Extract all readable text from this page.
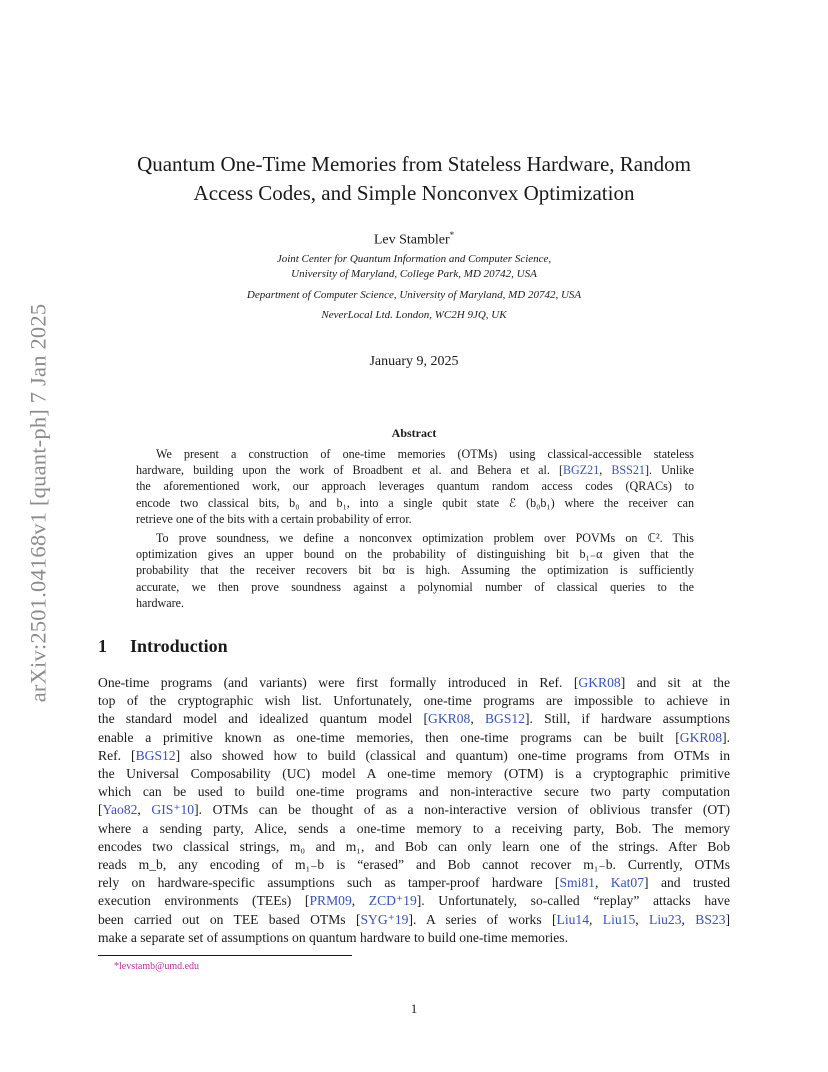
arXiv:2501.04168v1 [quant-ph] 7 Jan 2025
Quantum One-Time Memories from Stateless Hardware, Random
Access Codes, and Simple Nonconvex Optimization
Lev Stambler*
Joint Center for Quantum Information and Computer Science,
University of Maryland, College Park, MD 20742, USA
Department of Computer Science, University of Maryland, MD 20742, USA
NeverLocal Ltd. London, WC2H 9JQ, UK
January 9, 2025
Abstract
We present a construction of one-time memories (OTMs) using classical-accessible stateless
hardware, building upon the work of Broadbent et al. and Behera et al. [BGZ21, BSS21]. Unlike
the aforementioned work, our approach leverages quantum random access codes (QRACs) to
encode two classical bits, b₀ and b₁, into a single qubit state ℰ (b₀b₁) where the receiver can
retrieve one of the bits with a certain probability of error.
To prove soundness, we define a nonconvex optimization problem over POVMs on ℂ². This
optimization gives an upper bound on the probability of distinguishing bit b₁₋α given that the
probability that the receiver recovers bit bα is high. Assuming the optimization is sufficiently
accurate, we then prove soundness against a polynomial number of classical queries to the
hardware.
1 Introduction
One-time programs (and variants) were first formally introduced in Ref. [GKR08] and sit at the
top of the cryptographic wish list. Unfortunately, one-time programs are impossible to achieve in
the standard model and idealized quantum model [GKR08, BGS12]. Still, if hardware assumptions
enable a primitive known as one-time memories, then one-time programs can be built [GKR08].
Ref. [BGS12] also showed how to build (classical and quantum) one-time programs from OTMs in
the Universal Composability (UC) model A one-time memory (OTM) is a cryptographic primitive
which can be used to build one-time programs and non-interactive secure two party computation
[Yao82, GIS⁺10]. OTMs can be thought of as a non-interactive version of oblivious transfer (OT)
where a sending party, Alice, sends a one-time memory to a receiving party, Bob. The memory
encodes two classical strings, m₀ and m₁, and Bob can only learn one of the strings. After Bob
reads m_b, any encoding of m₁₋b is “erased” and Bob cannot recover m₁₋b. Currently, OTMs
rely on hardware-specific assumptions such as tamper-proof hardware [Smi81, Kat07] and trusted
execution environments (TEEs) [PRM09, ZCD⁺19]. Unfortunately, so-called “replay” attacks have
been carried out on TEE based OTMs [SYG⁺19]. A series of works [Liu14, Liu15, Liu23, BS23]
make a separate set of assumptions on quantum hardware to build one-time memories.
*levstamb@umd.edu
1
